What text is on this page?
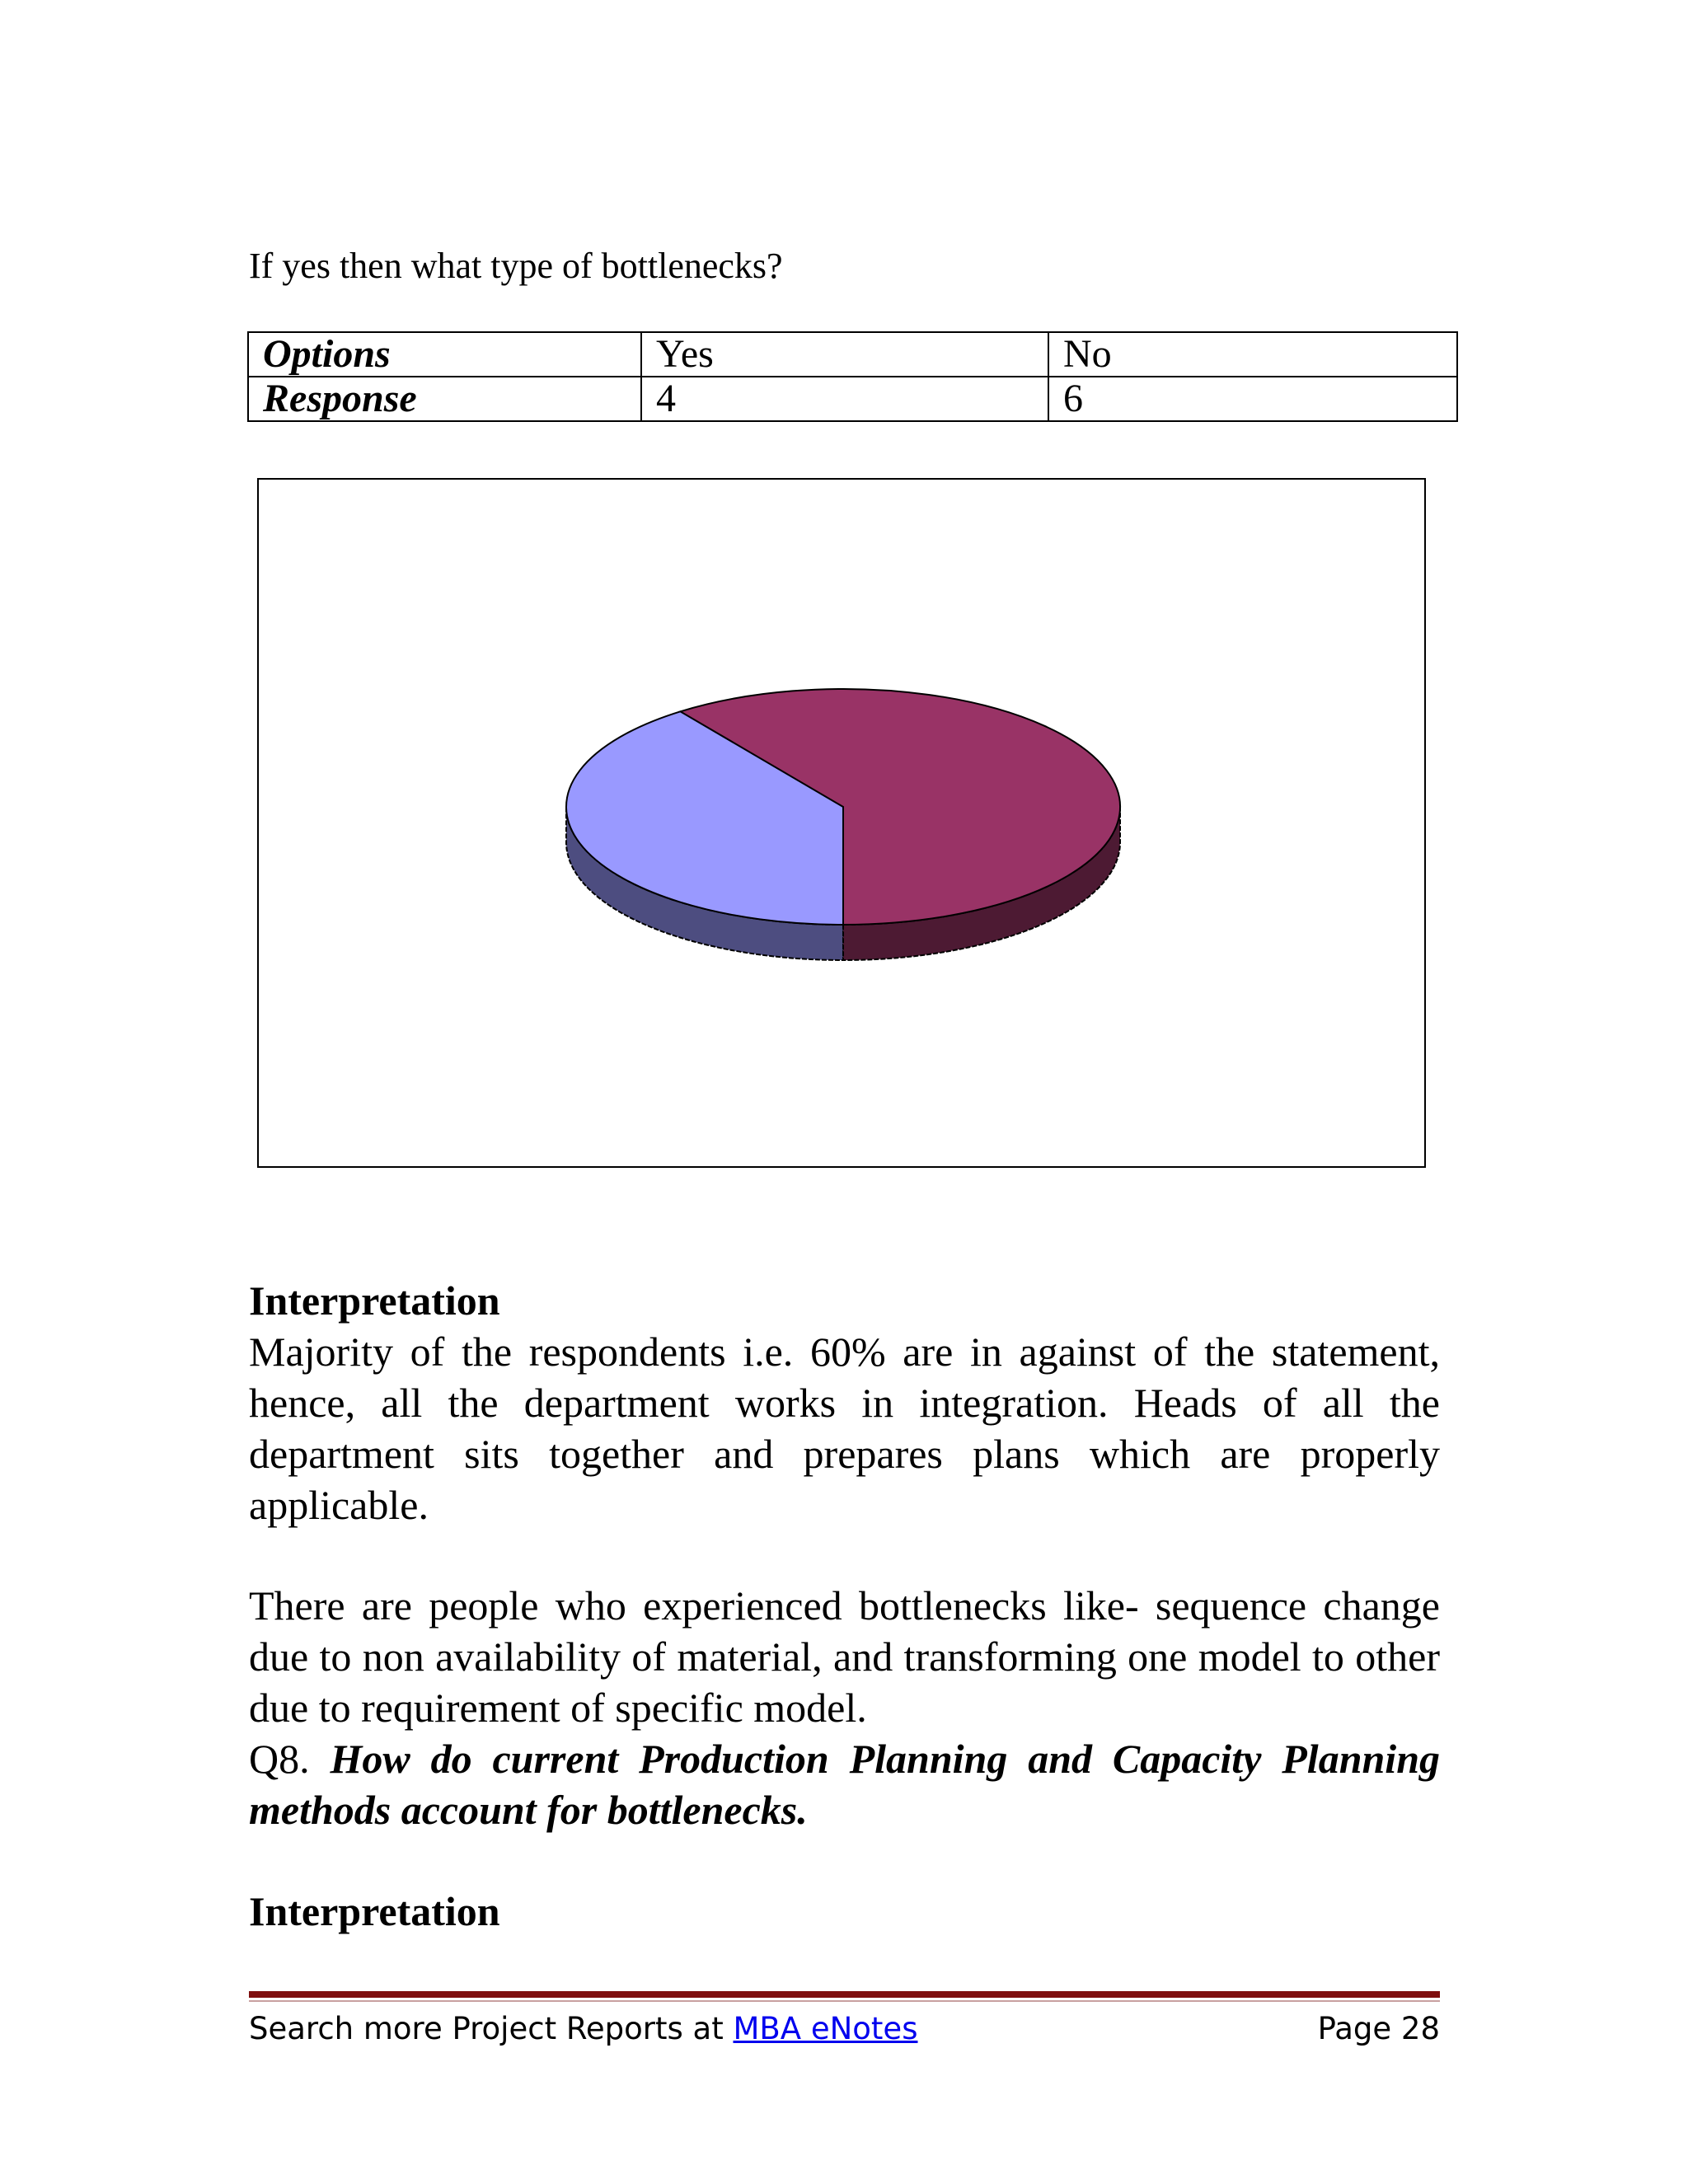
If yes then what type of bottlenecks?
Options	Yes	No
Response	4	6
Interpretation
Majority of the respondents i.e. 60% are in against of the statement, hence, all the department works in integration. Heads of all the department sits together and prepares plans which are properly applicable.
There are people who experienced bottlenecks like- sequence change due to non availability of material, and transforming one model to other due to requirement of specific model.
Q8. How do current Production Planning and Capacity Planning methods account for bottlenecks.
Interpretation
Search more Project Reports at MBA eNotes	Page 28
